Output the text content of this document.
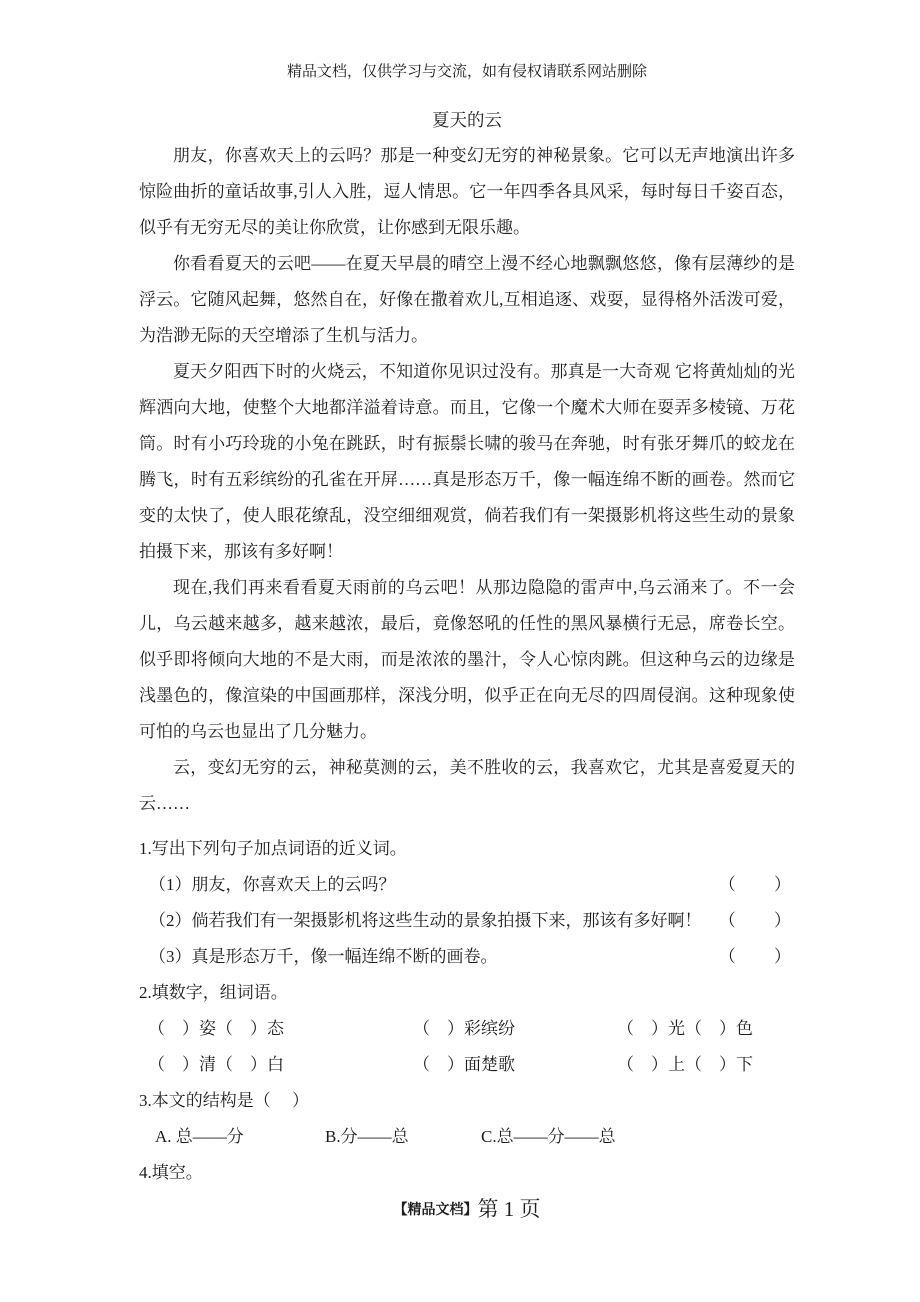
精品文档，仅供学习与交流，如有侵权请联系网站删除
夏天的云

朋友，你喜欢天上的云吗？那是一种变幻无穷的神秘景象。它可以无声地演出许多惊险曲折的童话故事,引人入胜，逗人情思。它一年四季各具风采，每时每日千姿百态，似乎有无穷无尽的美让你欣赏，让你感到无限乐趣。

你看看夏天的云吧——在夏天早晨的晴空上漫不经心地飘飘悠悠，像有层薄纱的是浮云。它随风起舞，悠然自在，好像在撒着欢儿,互相追逐、戏耍，显得格外活泼可爱，为浩渺无际的天空增添了生机与活力。

夏天夕阳西下时的火烧云，不知道你见识过没有。那真是一大奇观 它将黄灿灿的光辉洒向大地，使整个大地都洋溢着诗意。而且，它像一个魔术大师在耍弄多棱镜、万花筒。时有小巧玲珑的小兔在跳跃，时有振鬃长啸的骏马在奔驰，时有张牙舞爪的蛟龙在腾飞，时有五彩缤纷的孔雀在开屏……真是形态万千，像一幅连绵不断的画卷。然而它变的太快了，使人眼花缭乱，没空细细观赏，倘若我们有一架摄影机将这些生动的景象拍摄下来，那该有多好啊！

现在,我们再来看看夏天雨前的乌云吧！从那边隐隐的雷声中,乌云涌来了。不一会儿，乌云越来越多，越来越浓，最后，竟像怒吼的任性的黑风暴横行无忌，席卷长空。似乎即将倾向大地的不是大雨，而是浓浓的墨汁，令人心惊肉跳。但这种乌云的边缘是浅墨色的，像渲染的中国画那样，深浅分明，似乎正在向无尽的四周侵润。这种现象使可怕的乌云也显出了几分魅力。

云，变幻无穷的云，神秘莫测的云，美不胜收的云，我喜欢它，尤其是喜爱夏天的云……

1.写出下列句子加点词语的近义词。
（1）朋友，你喜欢天上的云吗？	（　　 ）
（2）倘若我们有一架摄影机将这些生动的景象拍摄下来，那该有多好啊！ （　　 ）
（3）真是形态万千，像一幅连绵不断的画卷。	（　　 ）
2.填数字，组词语。
（　）姿（　）态	（　）彩缤纷	（　）光（　）色
（　）清（　）白	（　）面楚歌	（　）上（　）下
3.本文的结构是（　 ）
A. 总——分	B.分——总	C.总——分——总
4.填空。
【精品文档】第 1 页
